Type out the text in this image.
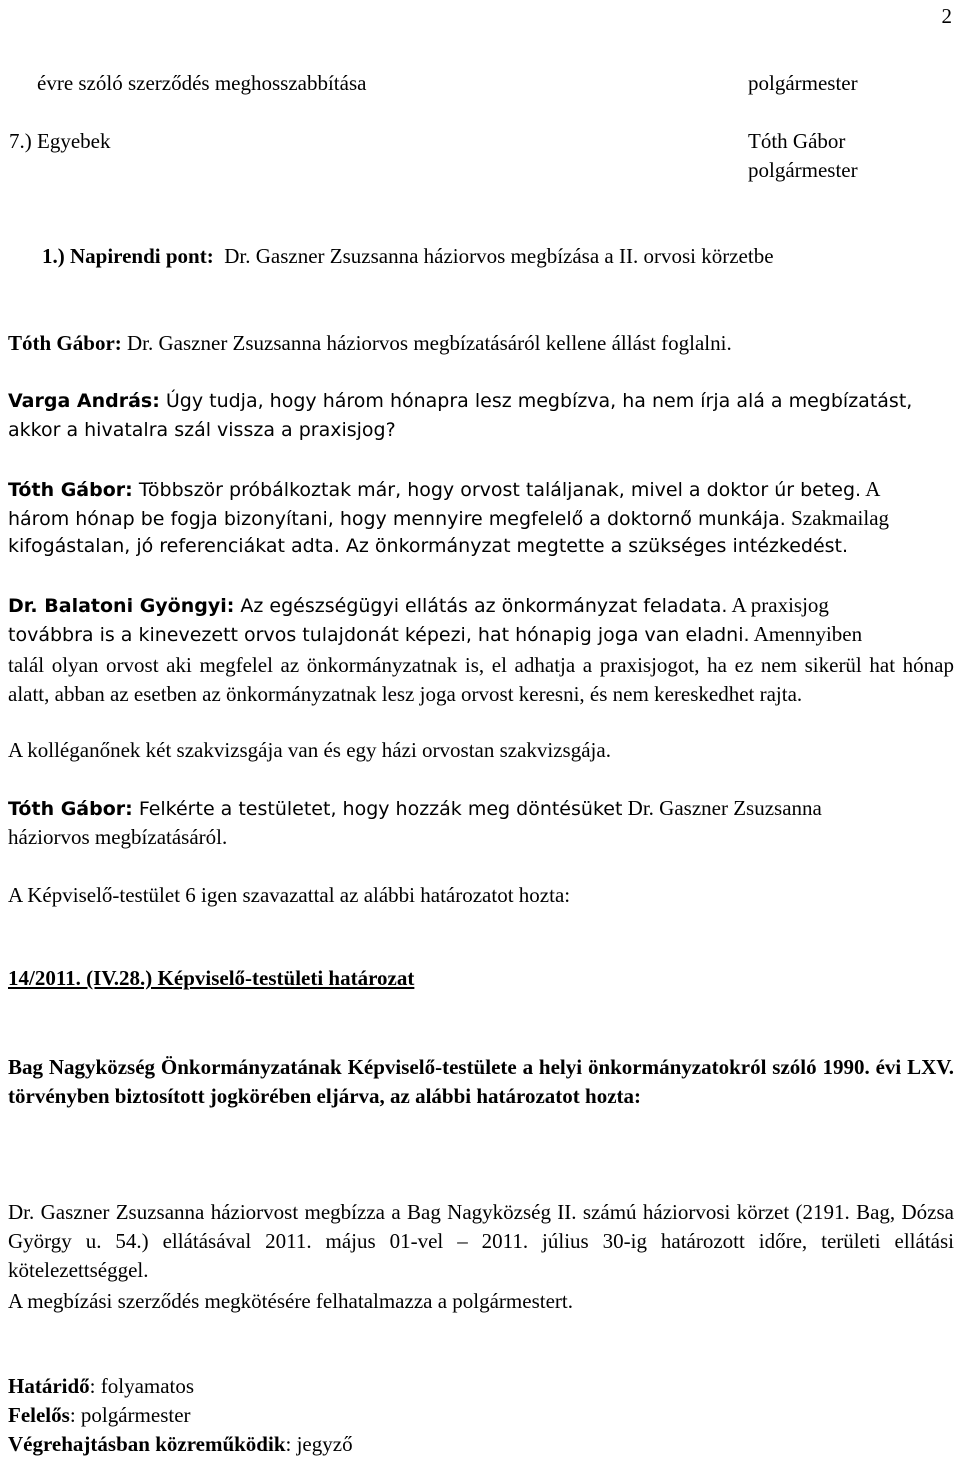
2
évre szóló szerződés meghosszabbítása	polgármester
7.) Egyebek	Tóth Gábor
polgármester
1.) Napirendi pont: Dr. Gaszner Zsuzsanna háziorvos megbízása a II. orvosi körzetbe
Tóth Gábor: Dr. Gaszner Zsuzsanna háziorvos megbízatásáról kellene állást foglalni.
Varga András: Úgy tudja, hogy három hónapra lesz megbízva, ha nem írja alá a megbízatást,
akkor a hivatalra szál vissza a praxisjog?
Tóth Gábor: Többször próbálkoztak már, hogy orvost találjanak, mivel a doktor úr beteg. A
három hónap be fogja bizonyítani, hogy mennyire megfelelő a doktornő munkája. Szakmailag
kifogástalan, jó referenciákat adta. Az önkormányzat megtette a szükséges intézkedést.
Dr. Balatoni Gyöngyi: Az egészségügyi ellátás az önkormányzat feladata. A praxisjog
továbbra is a kinevezett orvos tulajdonát képezi, hat hónapig joga van eladni. Amennyiben
talál olyan orvost aki megfelel az önkormányzatnak is, el adhatja a praxisjogot, ha ez nem sikerül hat hónap alatt, abban az esetben az önkormányzatnak lesz joga orvost keresni, és nem kereskedhet rajta.
A kolléganőnek két szakvizsgája van és egy házi orvostan szakvizsgája.
Tóth Gábor: Felkérte a testületet, hogy hozzák meg döntésüket Dr. Gaszner Zsuzsanna
háziorvos megbízatásáról.
A Képviselő-testület 6 igen szavazattal az alábbi határozatot hozta:
14/2011. (IV.28.) Képviselő-testületi határozat
Bag Nagyközség Önkormányzatának Képviselő-testülete a helyi önkormányzatokról szóló 1990. évi LXV. törvényben biztosított jogkörében eljárva, az alábbi határozatot hozta:
Dr. Gaszner Zsuzsanna háziorvost megbízza a Bag Nagyközség II. számú háziorvosi körzet (2191. Bag, Dózsa György u. 54.) ellátásával 2011. május 01-vel – 2011. július 30-ig határozott időre, területi ellátási kötelezettséggel.
A megbízási szerződés megkötésére felhatalmazza a polgármestert.
Határidő: folyamatos
Felelős: polgármester
Végrehajtásban közreműködik: jegyző
